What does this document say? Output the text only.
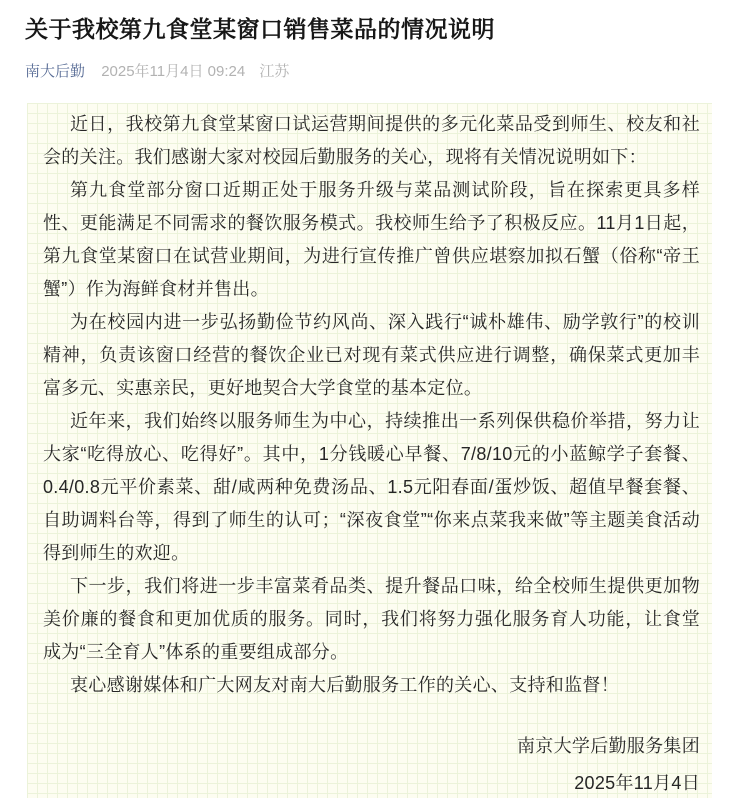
关于我校第九食堂某窗口销售菜品的情况说明
南大后勤 2025年11月4日 09:24 江苏

近日，我校第九食堂某窗口试运营期间提供的多元化菜品受到师生、校友和社会的关注。我们感谢大家对校园后勤服务的关心，现将有关情况说明如下：

第九食堂部分窗口近期正处于服务升级与菜品测试阶段，旨在探索更具多样性、更能满足不同需求的餐饮服务模式。我校师生给予了积极反应。11月1日起，第九食堂某窗口在试营业期间，为进行宣传推广曾供应堪察加拟石蟹（俗称“帝王蟹”）作为海鲜食材并售出。

为在校园内进一步弘扬勤俭节约风尚、深入践行“诚朴雄伟、励学敦行”的校训精神，负责该窗口经营的餐饮企业已对现有菜式供应进行调整，确保菜式更加丰富多元、实惠亲民，更好地契合大学食堂的基本定位。

近年来，我们始终以服务师生为中心，持续推出一系列保供稳价举措，努力让大家“吃得放心、吃得好”。其中，1分钱暖心早餐、7/8/10元的小蓝鲸学子套餐、0.4/0.8元平价素菜、甜/咸两种免费汤品、1.5元阳春面/蛋炒饭、超值早餐套餐、自助调料台等，得到了师生的认可；“深夜食堂”“你来点菜我来做”等主题美食活动得到师生的欢迎。

下一步，我们将进一步丰富菜肴品类、提升餐品口味，给全校师生提供更加物美价廉的餐食和更加优质的服务。同时，我们将努力强化服务育人功能，让食堂成为“三全育人”体系的重要组成部分。

衷心感谢媒体和广大网友对南大后勤服务工作的关心、支持和监督！

南京大学后勤服务集团
2025年11月4日
